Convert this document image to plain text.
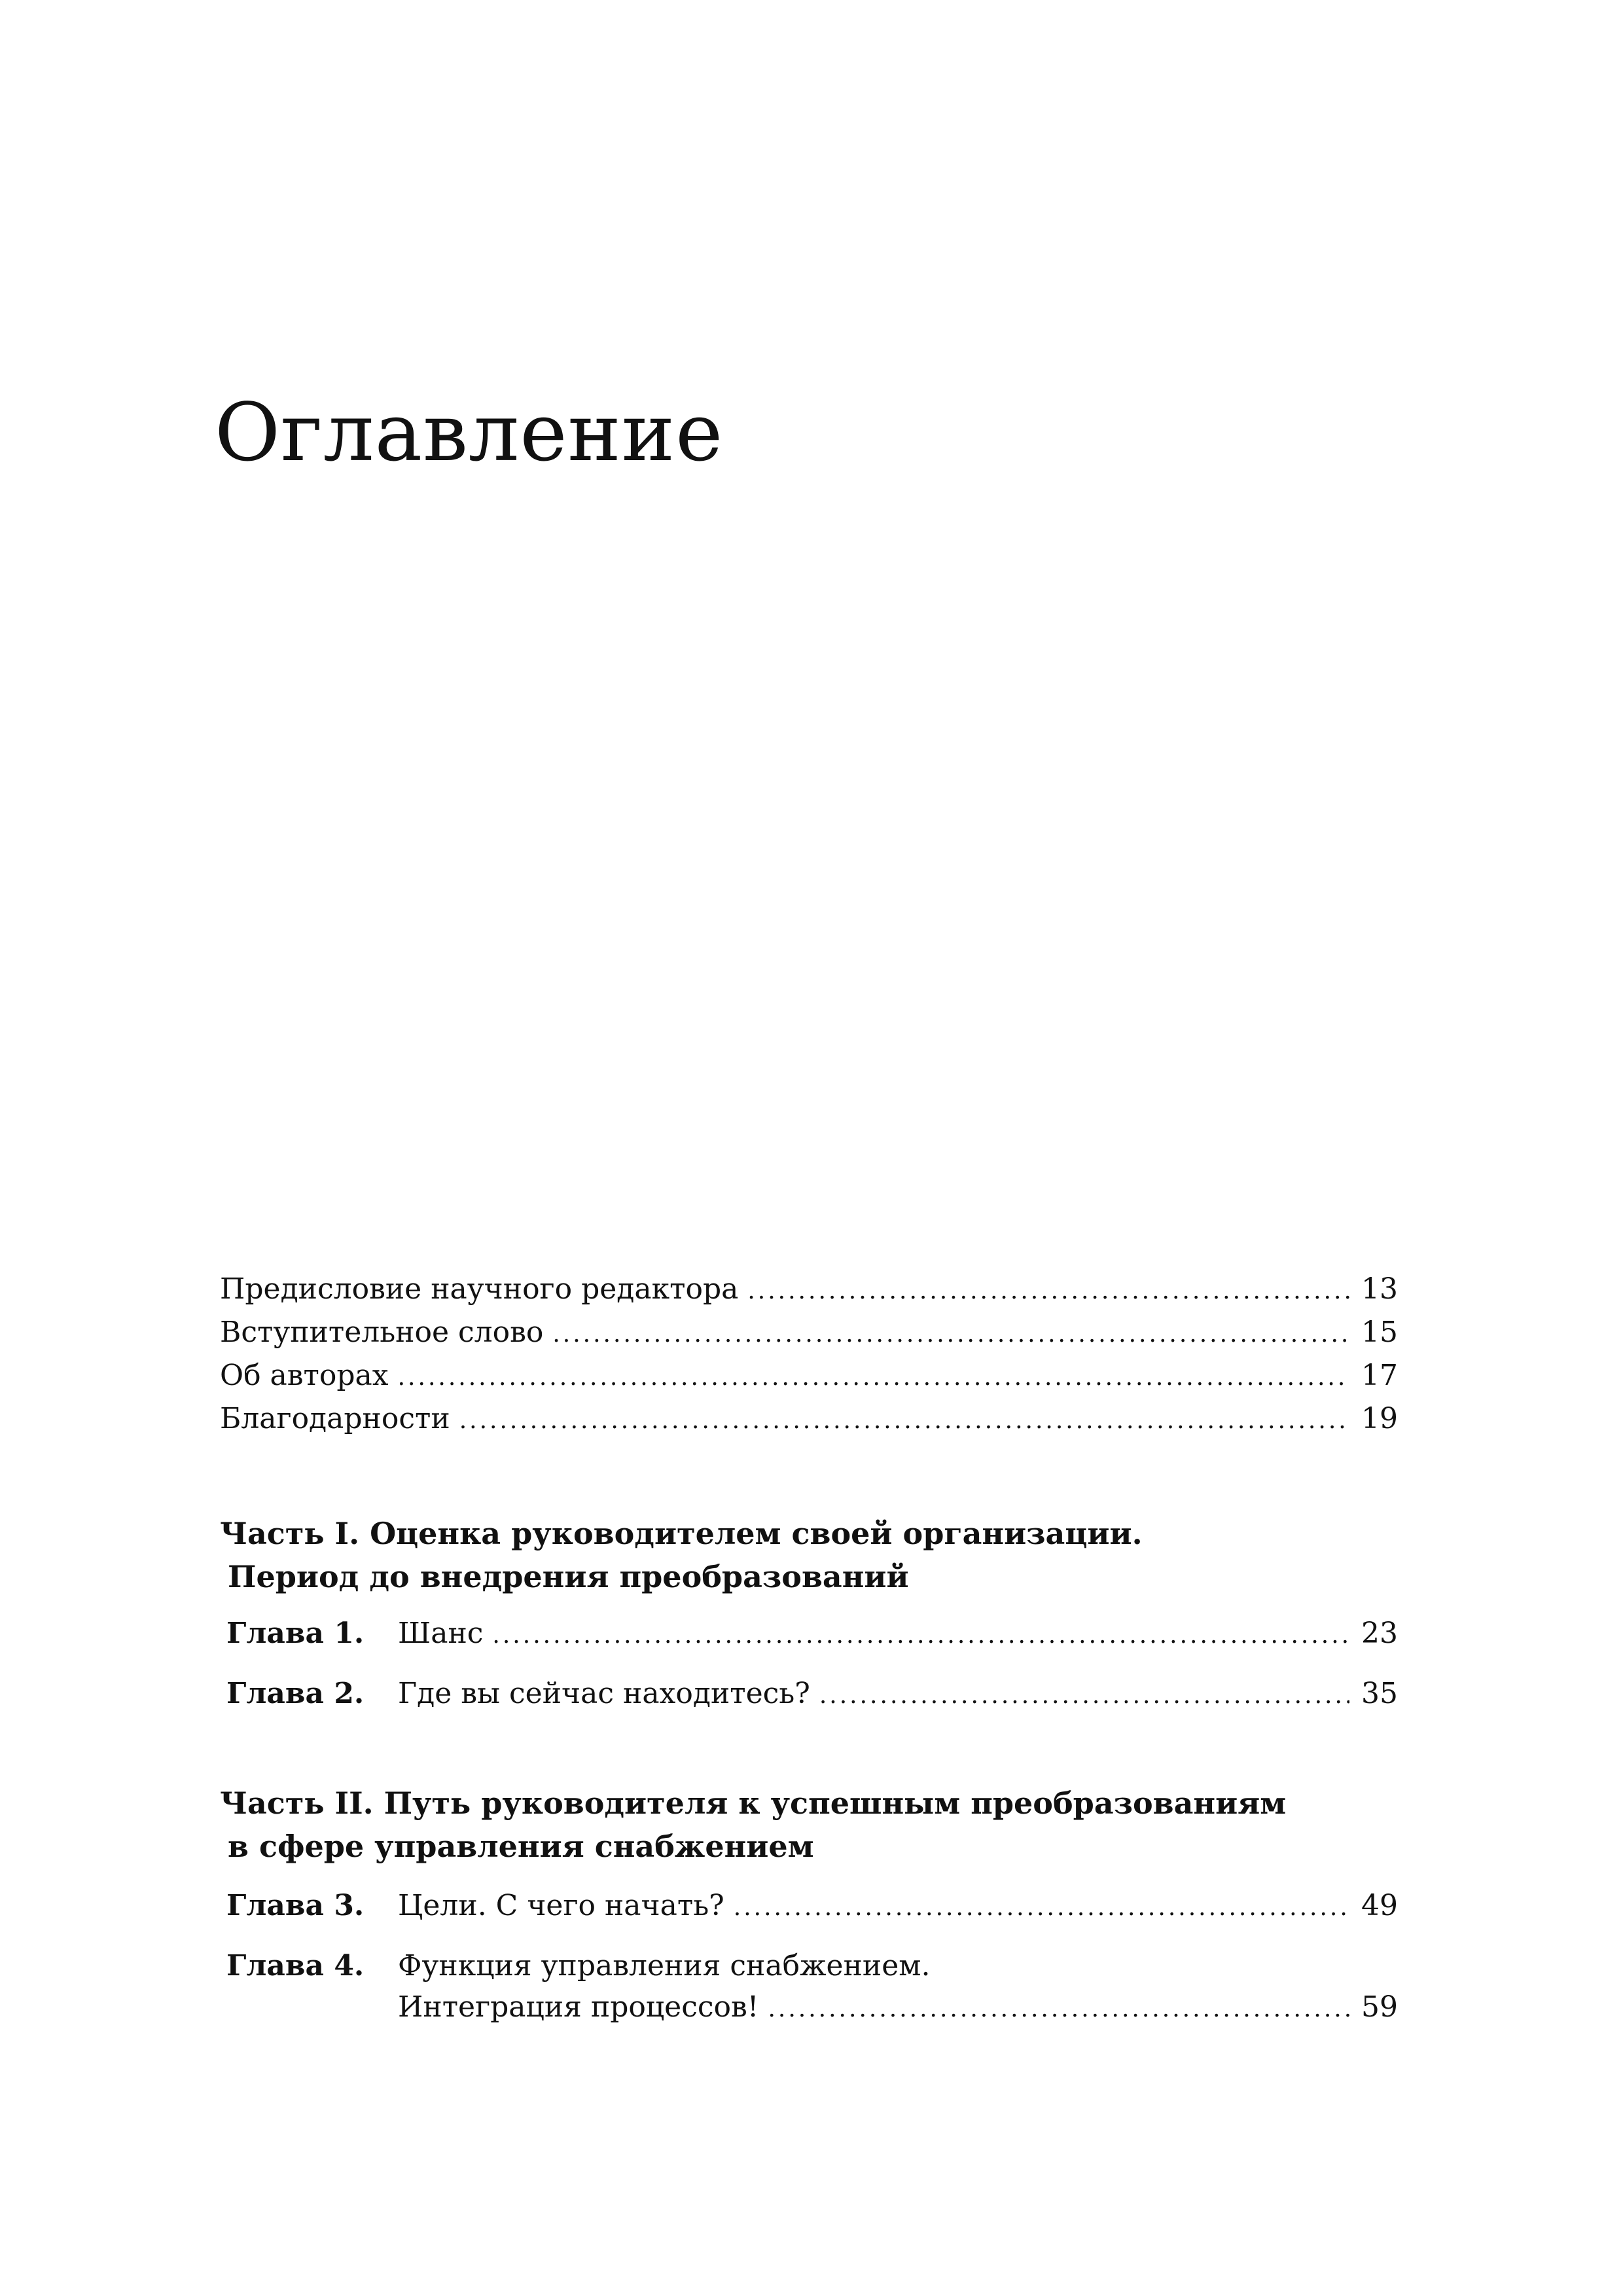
Оглавление
Предисловие научного редактора .....	13
Вступительное слово .....	15
Об авторах .....	17
Благодарности .....	19
Часть I. Оценка руководителем своей организации.
Период до внедрения преобразований
Глава 1.	Шанс .....	23
Глава 2.	Где вы сейчас находитесь? .....	35
Часть II. Путь руководителя к успешным преобразованиям
в сфере управления снабжением
Глава 3.	Цели. С чего начать? .....	49
Глава 4.	Функция управления снабжением.
Интеграция процессов! .....	59
